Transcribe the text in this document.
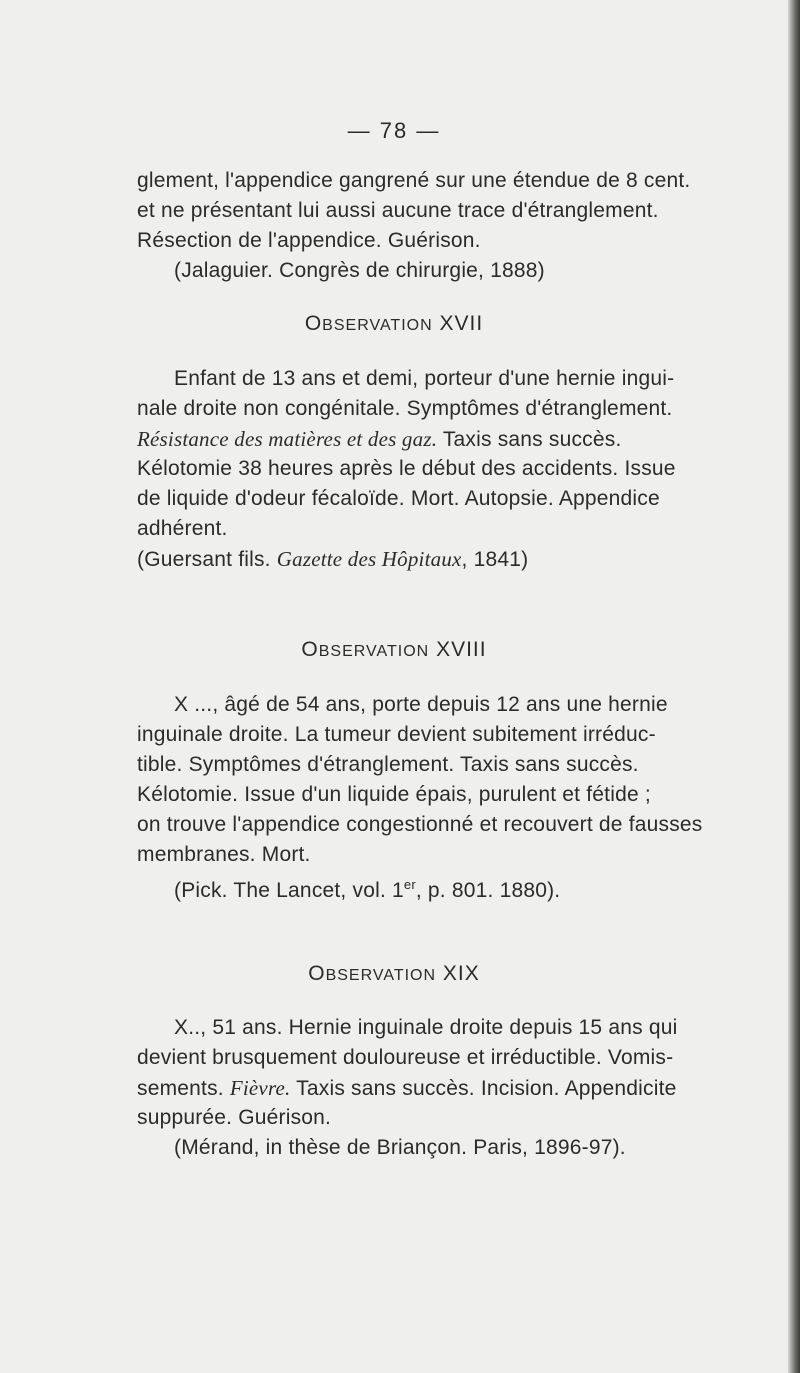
— 78 —
glement, l'appendice gangrené sur une étendue de 8 cent.
et ne présentant lui aussi aucune trace d'étranglement.
Résection de l'appendice. Guérison.
(Jalaguier. Congrès de chirurgie, 1888)
OBSERVATION XVII
Enfant de 13 ans et demi, porteur d'une hernie ingui-
nale droite non congénitale. Symptômes d'étranglement.
Résistance des matières et des gaz. Taxis sans succès.
Kélotomie 38 heures après le début des accidents. Issue
de liquide d'odeur fécaloïde. Mort. Autopsie. Appendice
adhérent.
(Guersant fils. Gazette des Hôpitaux, 1841)
OBSERVATION XVIII
X ..., âgé de 54 ans, porte depuis 12 ans une hernie
inguinale droite. La tumeur devient subitement irréduc-
tible. Symptômes d'étranglement. Taxis sans succès.
Kélotomie. Issue d'un liquide épais, purulent et fétide ;
on trouve l'appendice congestionné et recouvert de fausses
membranes. Mort.
(Pick. The Lancet, vol. 1er, p. 801. 1880).
OBSERVATION XIX
X.., 51 ans. Hernie inguinale droite depuis 15 ans qui
devient brusquement douloureuse et irréductible. Vomis-
sements. Fièvre. Taxis sans succès. Incision. Appendicite
suppurée. Guérison.
(Mérand, in thèse de Briançon. Paris, 1896-97).
